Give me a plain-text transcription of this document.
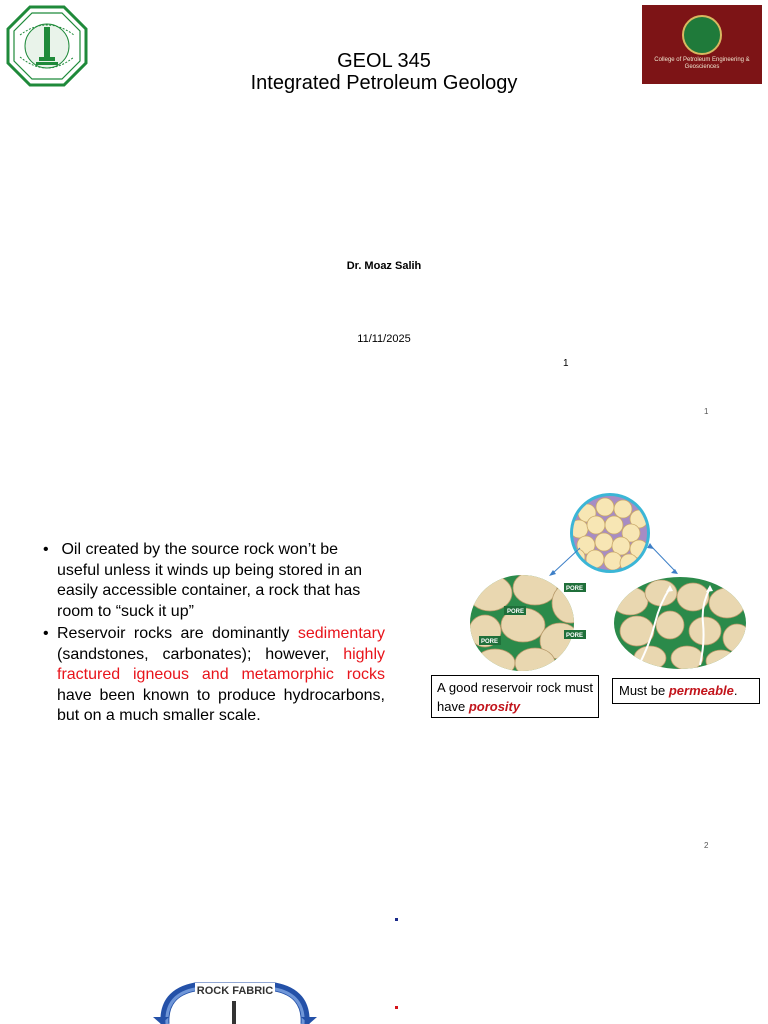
College of Petroleum Engineering & Geosciences
GEOL 345
Integrated Petroleum Geology
Dr. Moaz Salih
11/11/2025
1
1
• Oil created by the source rock won’t be useful unless it winds up being stored in an easily accessible container, a rock that has room to “suck it up”
• Reservoir rocks are dominantly sedimentary (sandstones, carbonates); however, highly fractured igneous and metamorphic rocks have been known to produce hydrocarbons, but on a much smaller scale.
PORE
PORE
PORE
PORE
A good reservoir rock must have porosity
Must be permeable.
2
ROCK FABRIC
